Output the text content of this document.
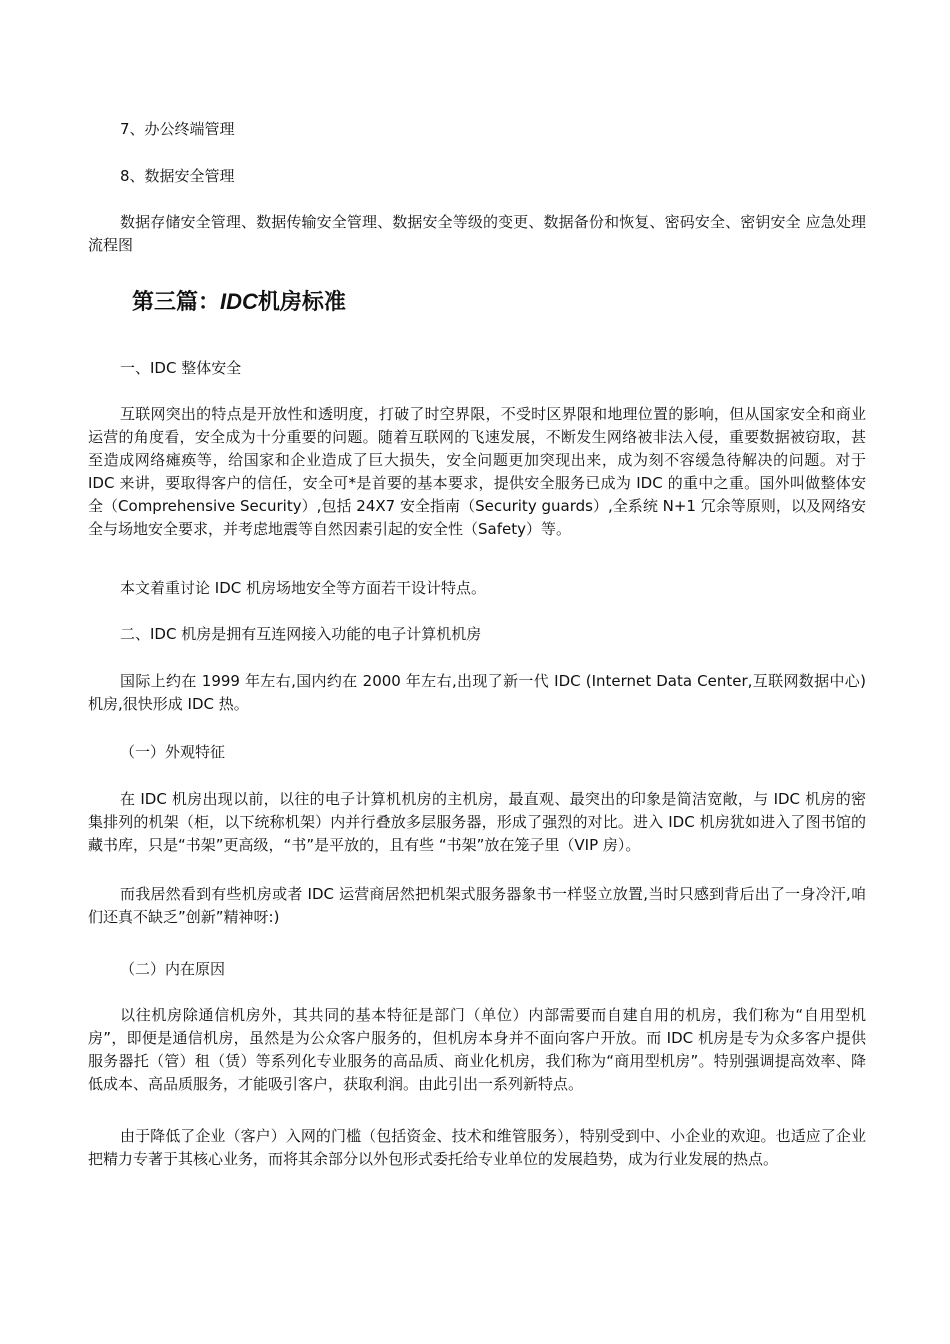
7、办公终端管理

8、数据安全管理

数据存储安全管理、数据传输安全管理、数据安全等级的变更、数据备份和恢复、密码安全、密钥安全 应急处理流程图

第三篇：IDC机房标准

一、IDC 整体安全

互联网突出的特点是开放性和透明度，打破了时空界限，不受时区界限和地理位置的影响，但从国家安全和商业运营的角度看，安全成为十分重要的问题。随着互联网的飞速发展，不断发生网络被非法入侵，重要数据被窃取，甚至造成网络瘫痪等，给国家和企业造成了巨大损失，安全问题更加突现出来，成为刻不容缓急待解决的问题。对于 IDC 来讲，要取得客户的信任，安全可*是首要的基本要求，提供安全服务已成为 IDC 的重中之重。国外叫做整体安全（Comprehensive Security）,包括 24X7 安全指南（Security guards）,全系统 N+1 冗余等原则，以及网络安全与场地安全要求，并考虑地震等自然因素引起的安全性（Safety）等。

本文着重讨论 IDC 机房场地安全等方面若干设计特点。

二、IDC 机房是拥有互连网接入功能的电子计算机机房

国际上约在 1999 年左右,国内约在 2000 年左右,出现了新一代 IDC (Internet Data Center,互联网数据中心)机房,很快形成 IDC 热。

（一）外观特征

在 IDC 机房出现以前，以往的电子计算机机房的主机房，最直观、最突出的印象是简洁宽敞，与 IDC 机房的密集排列的机架（柜，以下统称机架）内并行叠放多层服务器，形成了强烈的对比。进入 IDC 机房犹如进入了图书馆的藏书库，只是“书架”更高级，“书”是平放的，且有些 “书架”放在笼子里（VIP 房）。

而我居然看到有些机房或者 IDC 运营商居然把机架式服务器象书一样竖立放置,当时只感到背后出了一身冷汗,咱们还真不缺乏”创新”精神呀:)

（二）内在原因

以往机房除通信机房外，其共同的基本特征是部门（单位）内部需要而自建自用的机房，我们称为“自用型机房”，即便是通信机房，虽然是为公众客户服务的，但机房本身并不面向客户开放。而 IDC 机房是专为众多客户提供服务器托（管）租（赁）等系列化专业服务的高品质、商业化机房，我们称为“商用型机房”。特别强调提高效率、降低成本、高品质服务，才能吸引客户，获取利润。由此引出一系列新特点。

由于降低了企业（客户）入网的门槛（包括资金、技术和维管服务），特别受到中、小企业的欢迎。也适应了企业把精力专著于其核心业务，而将其余部分以外包形式委托给专业单位的发展趋势，成为行业发展的热点。
